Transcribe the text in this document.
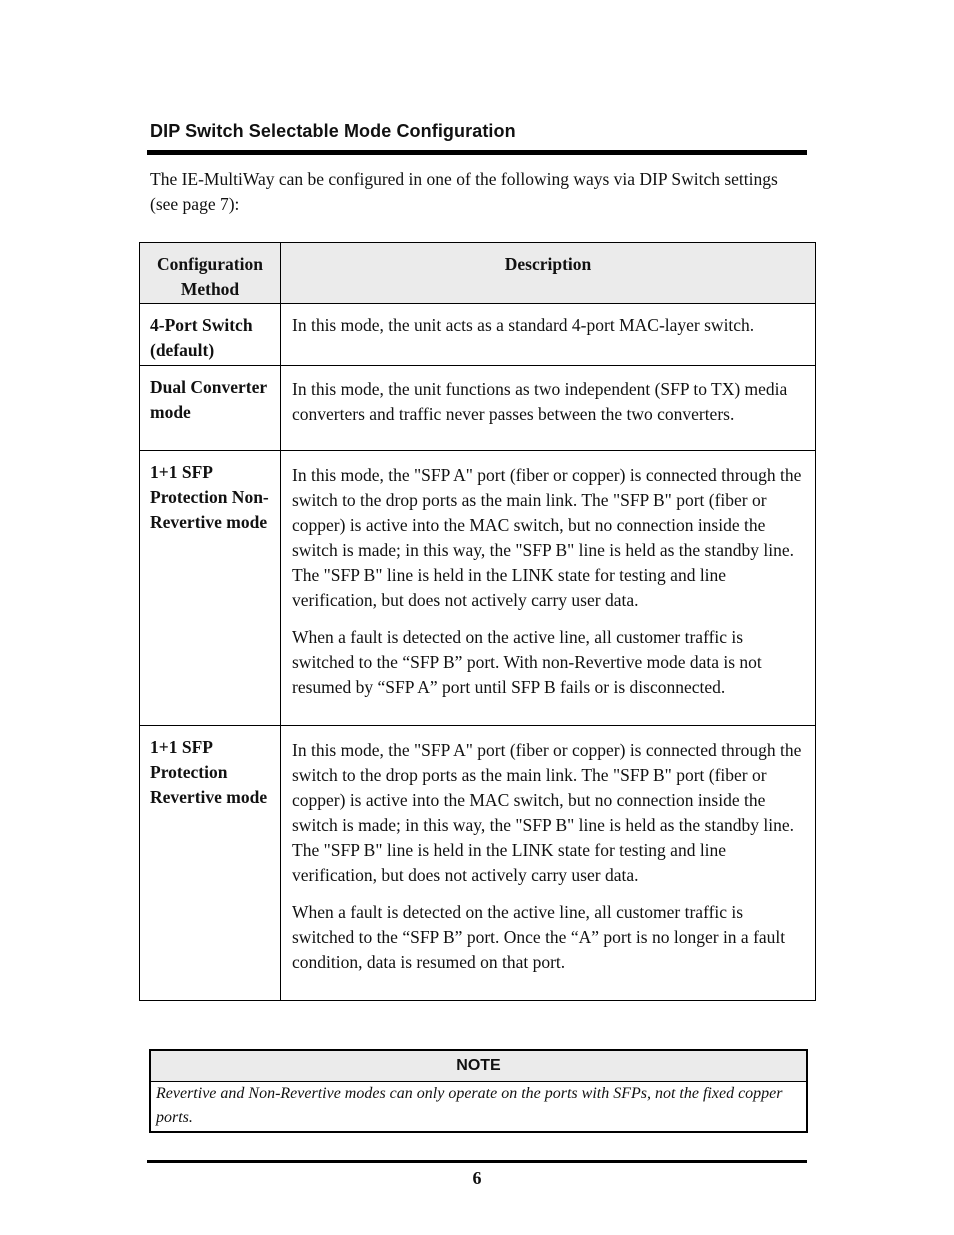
DIP Switch Selectable Mode Configuration

The IE-MultiWay can be configured in one of the following ways via DIP Switch settings (see page 7):

Configuration Method	Description
4-Port Switch (default)	In this mode, the unit acts as a standard 4-port MAC-layer switch.

Dual Converter mode	In this mode, the unit functions as two independent (SFP to TX) media converters and traffic never passes between the two converters.

1+1 SFP Protection Non-Revertive mode	In this mode, the "SFP A" port (fiber or copper) is connected through the switch to the drop ports as the main link. The "SFP B" port (fiber or copper) is active into the MAC switch, but no connection inside the switch is made; in this way, the "SFP B" line is held as the standby line. The "SFP B" line is held in the LINK state for testing and line verification, but does not actively carry user data.

When a fault is detected on the active line, all customer traffic is switched to the “SFP B” port. With non-Revertive mode data is not resumed by “SFP A” port until SFP B fails or is disconnected.

1+1 SFP Protection Revertive mode	In this mode, the "SFP A" port (fiber or copper) is connected through the switch to the drop ports as the main link. The "SFP B" port (fiber or copper) is active into the MAC switch, but no connection inside the switch is made; in this way, the "SFP B" line is held as the standby line. The "SFP B" line is held in the LINK state for testing and line verification, but does not actively carry user data.

When a fault is detected on the active line, all customer traffic is switched to the “SFP B” port. Once the “A” port is no longer in a fault condition, data is resumed on that port.

NOTE
Revertive and Non-Revertive modes can only operate on the ports with SFPs, not the fixed copper ports.
6
